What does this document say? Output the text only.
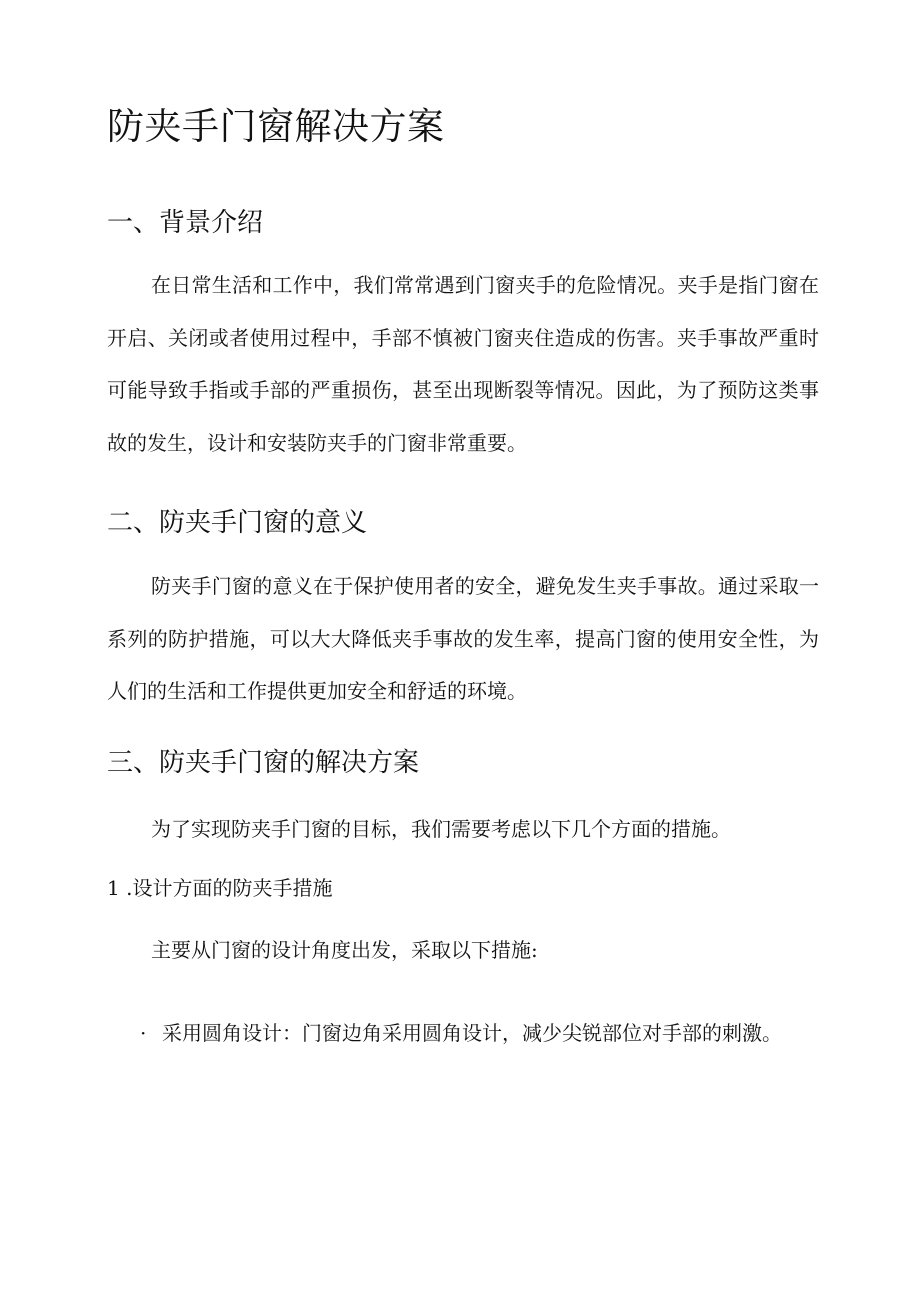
防夹手门窗解决方案
一、背景介绍

在日常生活和工作中，我们常常遇到门窗夹手的危险情况。夹手是指门窗在开启、关闭或者使用过程中，手部不慎被门窗夹住造成的伤害。夹手事故严重时可能导致手指或手部的严重损伤，甚至出现断裂等情况。因此，为了预防这类事故的发生，设计和安装防夹手的门窗非常重要。

二、防夹手门窗的意义

防夹手门窗的意义在于保护使用者的安全，避免发生夹手事故。通过采取一系列的防护措施，可以大大降低夹手事故的发生率，提高门窗的使用安全性，为人们的生活和工作提供更加安全和舒适的环境。

三、防夹手门窗的解决方案

为了实现防夹手门窗的目标，我们需要考虑以下几个方面的措施。

1 .设计方面的防夹手措施

主要从门窗的设计角度出发，采取以下措施:

· 采用圆角设计：门窗边角采用圆角设计，减少尖锐部位对手部的刺激。
